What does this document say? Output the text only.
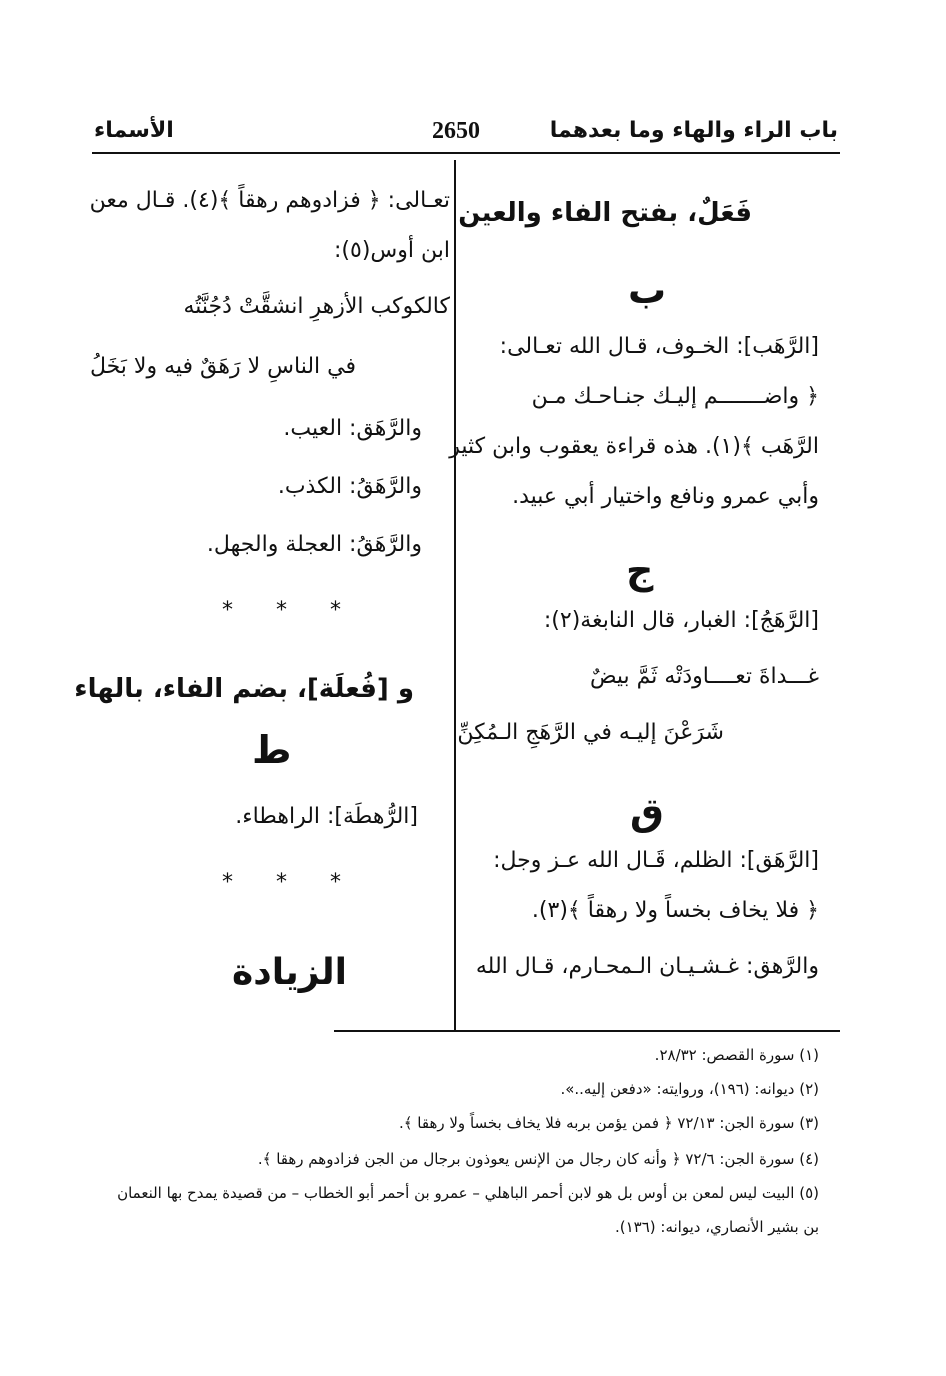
باب الراء والهاء وما بعدهما
2650
الأسماء
فَعَلٌ، بفتح الفاء والعين
ب
[الرَّهَب]: الخـوف، قـال الله تعـالى:
﴿ واضـــــــم إليـك جنـاحـك مـن
الرَّهَب ﴾(١). هذه قراءة يعقوب وابن كثير
وأبي عمرو ونافع واختيار أبي عبيد.
ج
[الرَّهَجُ]: الغبار، قال النابغة(٢):
غـــداةَ تعــــاودَتْه ثَمَّ بيضٌ
شَرَعْنَ إليـه في الرَّهَجِ الـمُكِنِّ
ق
[الرَّهَق]: الظلم، قَـال الله عـز وجل:
﴿ فلا يخاف بخساً ولا رهقاً ﴾(٣).
والرَّهق: غـشـيـان الـمحـارم، قـال الله
تعـالى: ﴿ فزادوهم رهقاً ﴾(٤). قـال معن
ابن أوس(٥):
كالكوكب الأزهرِ انشقَّتْ دُجُنَّتُه
في الناسِ لا رَهَقٌ فيه ولا بَخَلُ
والرَّهَق: العيب.
والرَّهَقُ: الكذب.
والرَّهَقُ: العجلة والجهل.
* * *
و [فُعلَة]، بضم الفاء، بالهاء
ط
[الرُّهطَة]: الراهطاء.
* * *
الزيادة
(١) سورة القصص: ٢٨/٣٢.
(٢) ديوانه: (١٩٦)، وروايته: «دفعن إليه..».
(٣) سورة الجن: ٧٢/١٣ ﴿ فمن يؤمن بربه فلا يخاف بخساً ولا رهقا ﴾.
(٤) سورة الجن: ٧٢/٦ ﴿ وأنه كان رجال من الإنس يعوذون برجال من الجن فزادوهم رهقا ﴾.
(٥) البيت ليس لمعن بن أوس بل هو لابن أحمر الباهلي – عمرو بن أحمر أبو الخطاب – من قصيدة يمدح بها النعمان
بن بشير الأنصاري، ديوانه: (١٣٦).
